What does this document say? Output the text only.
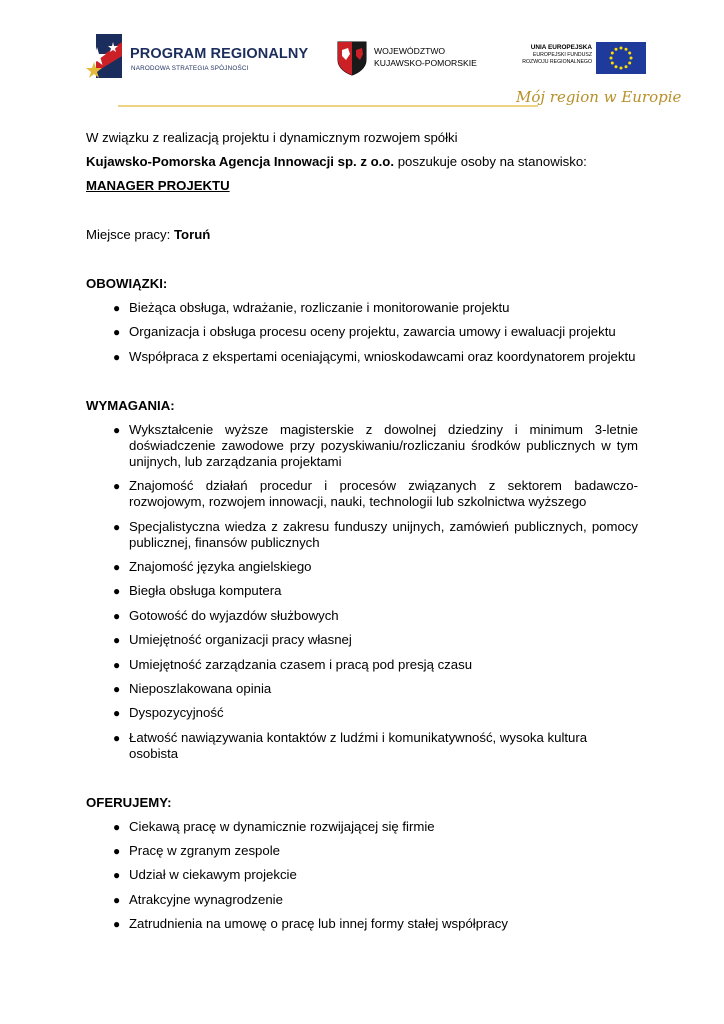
PROGRAM REGIONALNY
NARODOWA STRATEGIA SPÓJNOŚCI
WOJEWÓDZTWO
KUJAWSKO-POMORSKIE
UNIA EUROPEJSKA
EUROPEJSKI FUNDUSZ
ROZWOJU REGIONALNEGO
Mój region w Europie

W związku z realizacją projektu i dynamicznym rozwojem spółki

Kujawsko-Pomorska Agencja Innowacji sp. z o.o. poszukuje osoby na stanowisko:

MANAGER PROJEKTU

Miejsce pracy: Toruń

OBOWIĄZKI:

● Bieżąca obsługa, wdrażanie, rozliczanie i monitorowanie projektu
● Organizacja i obsługa procesu oceny projektu, zawarcia umowy i ewaluacji projektu
● Współpraca z ekspertami oceniającymi, wnioskodawcami oraz koordynatorem projektu

WYMAGANIA:

● Wykształcenie wyższe magisterskie z dowolnej dziedziny i minimum 3-letnie doświadczenie zawodowe przy pozyskiwaniu/rozliczaniu środków publicznych w tym unijnych, lub zarządzania projektami
● Znajomość działań procedur i procesów związanych z sektorem badawczo-rozwojowym, rozwojem innowacji, nauki, technologii lub szkolnictwa wyższego
● Specjalistyczna wiedza z zakresu funduszy unijnych, zamówień publicznych, pomocy publicznej, finansów publicznych
● Znajomość języka angielskiego
● Biegła obsługa komputera
● Gotowość do wyjazdów służbowych
● Umiejętność organizacji pracy własnej
● Umiejętność zarządzania czasem i pracą pod presją czasu
● Nieposzlakowana opinia
● Dyspozycyjność
● Łatwość nawiązywania kontaktów z ludźmi i komunikatywność, wysoka kultura osobista

OFERUJEMY:

● Ciekawą pracę w dynamicznie rozwijającej się firmie
● Pracę w zgranym zespole
● Udział w ciekawym projekcie
● Atrakcyjne wynagrodzenie
● Zatrudnienia na umowę o pracę lub innej formy stałej współpracy
